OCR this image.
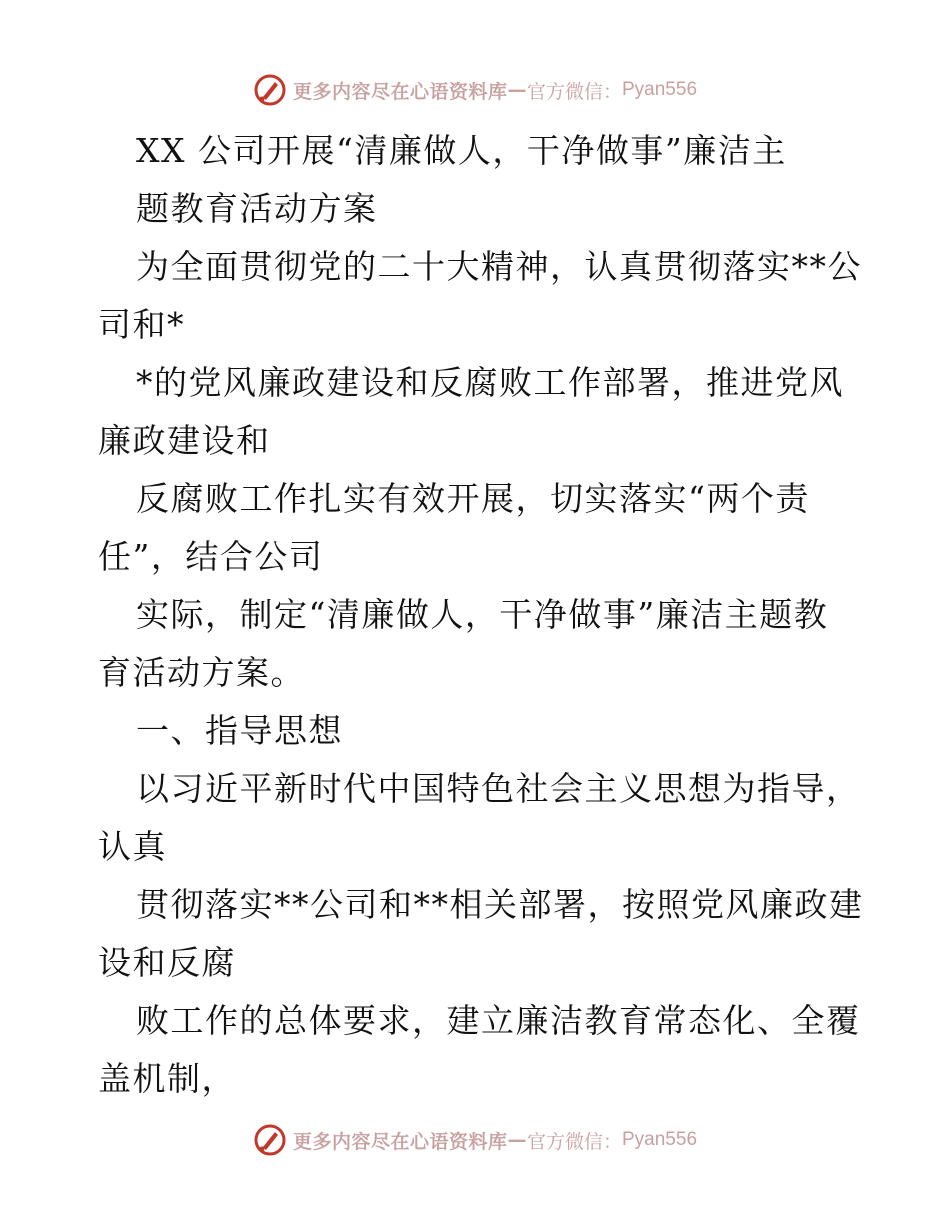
更多内容尽在心语资料库 — 官方微信： Pyan556

XX 公司开展“清廉做人，干净做事”廉洁主
题教育活动方案

为全面贯彻党的二十大精神，认真贯彻落实**公
司和*

*的党风廉政建设和反腐败工作部署，推进党风
廉政建设和

反腐败工作扎实有效开展，切实落实“两个责
任”，结合公司

实际，制定“清廉做人，干净做事”廉洁主题教
育活动方案。

一、指导思想

以习近平新时代中国特色社会主义思想为指导，
认真

贯彻落实**公司和**相关部署，按照党风廉政建
设和反腐

败工作的总体要求，建立廉洁教育常态化、全覆
盖机制，

更多内容尽在心语资料库 — 官方微信： Pyan556
